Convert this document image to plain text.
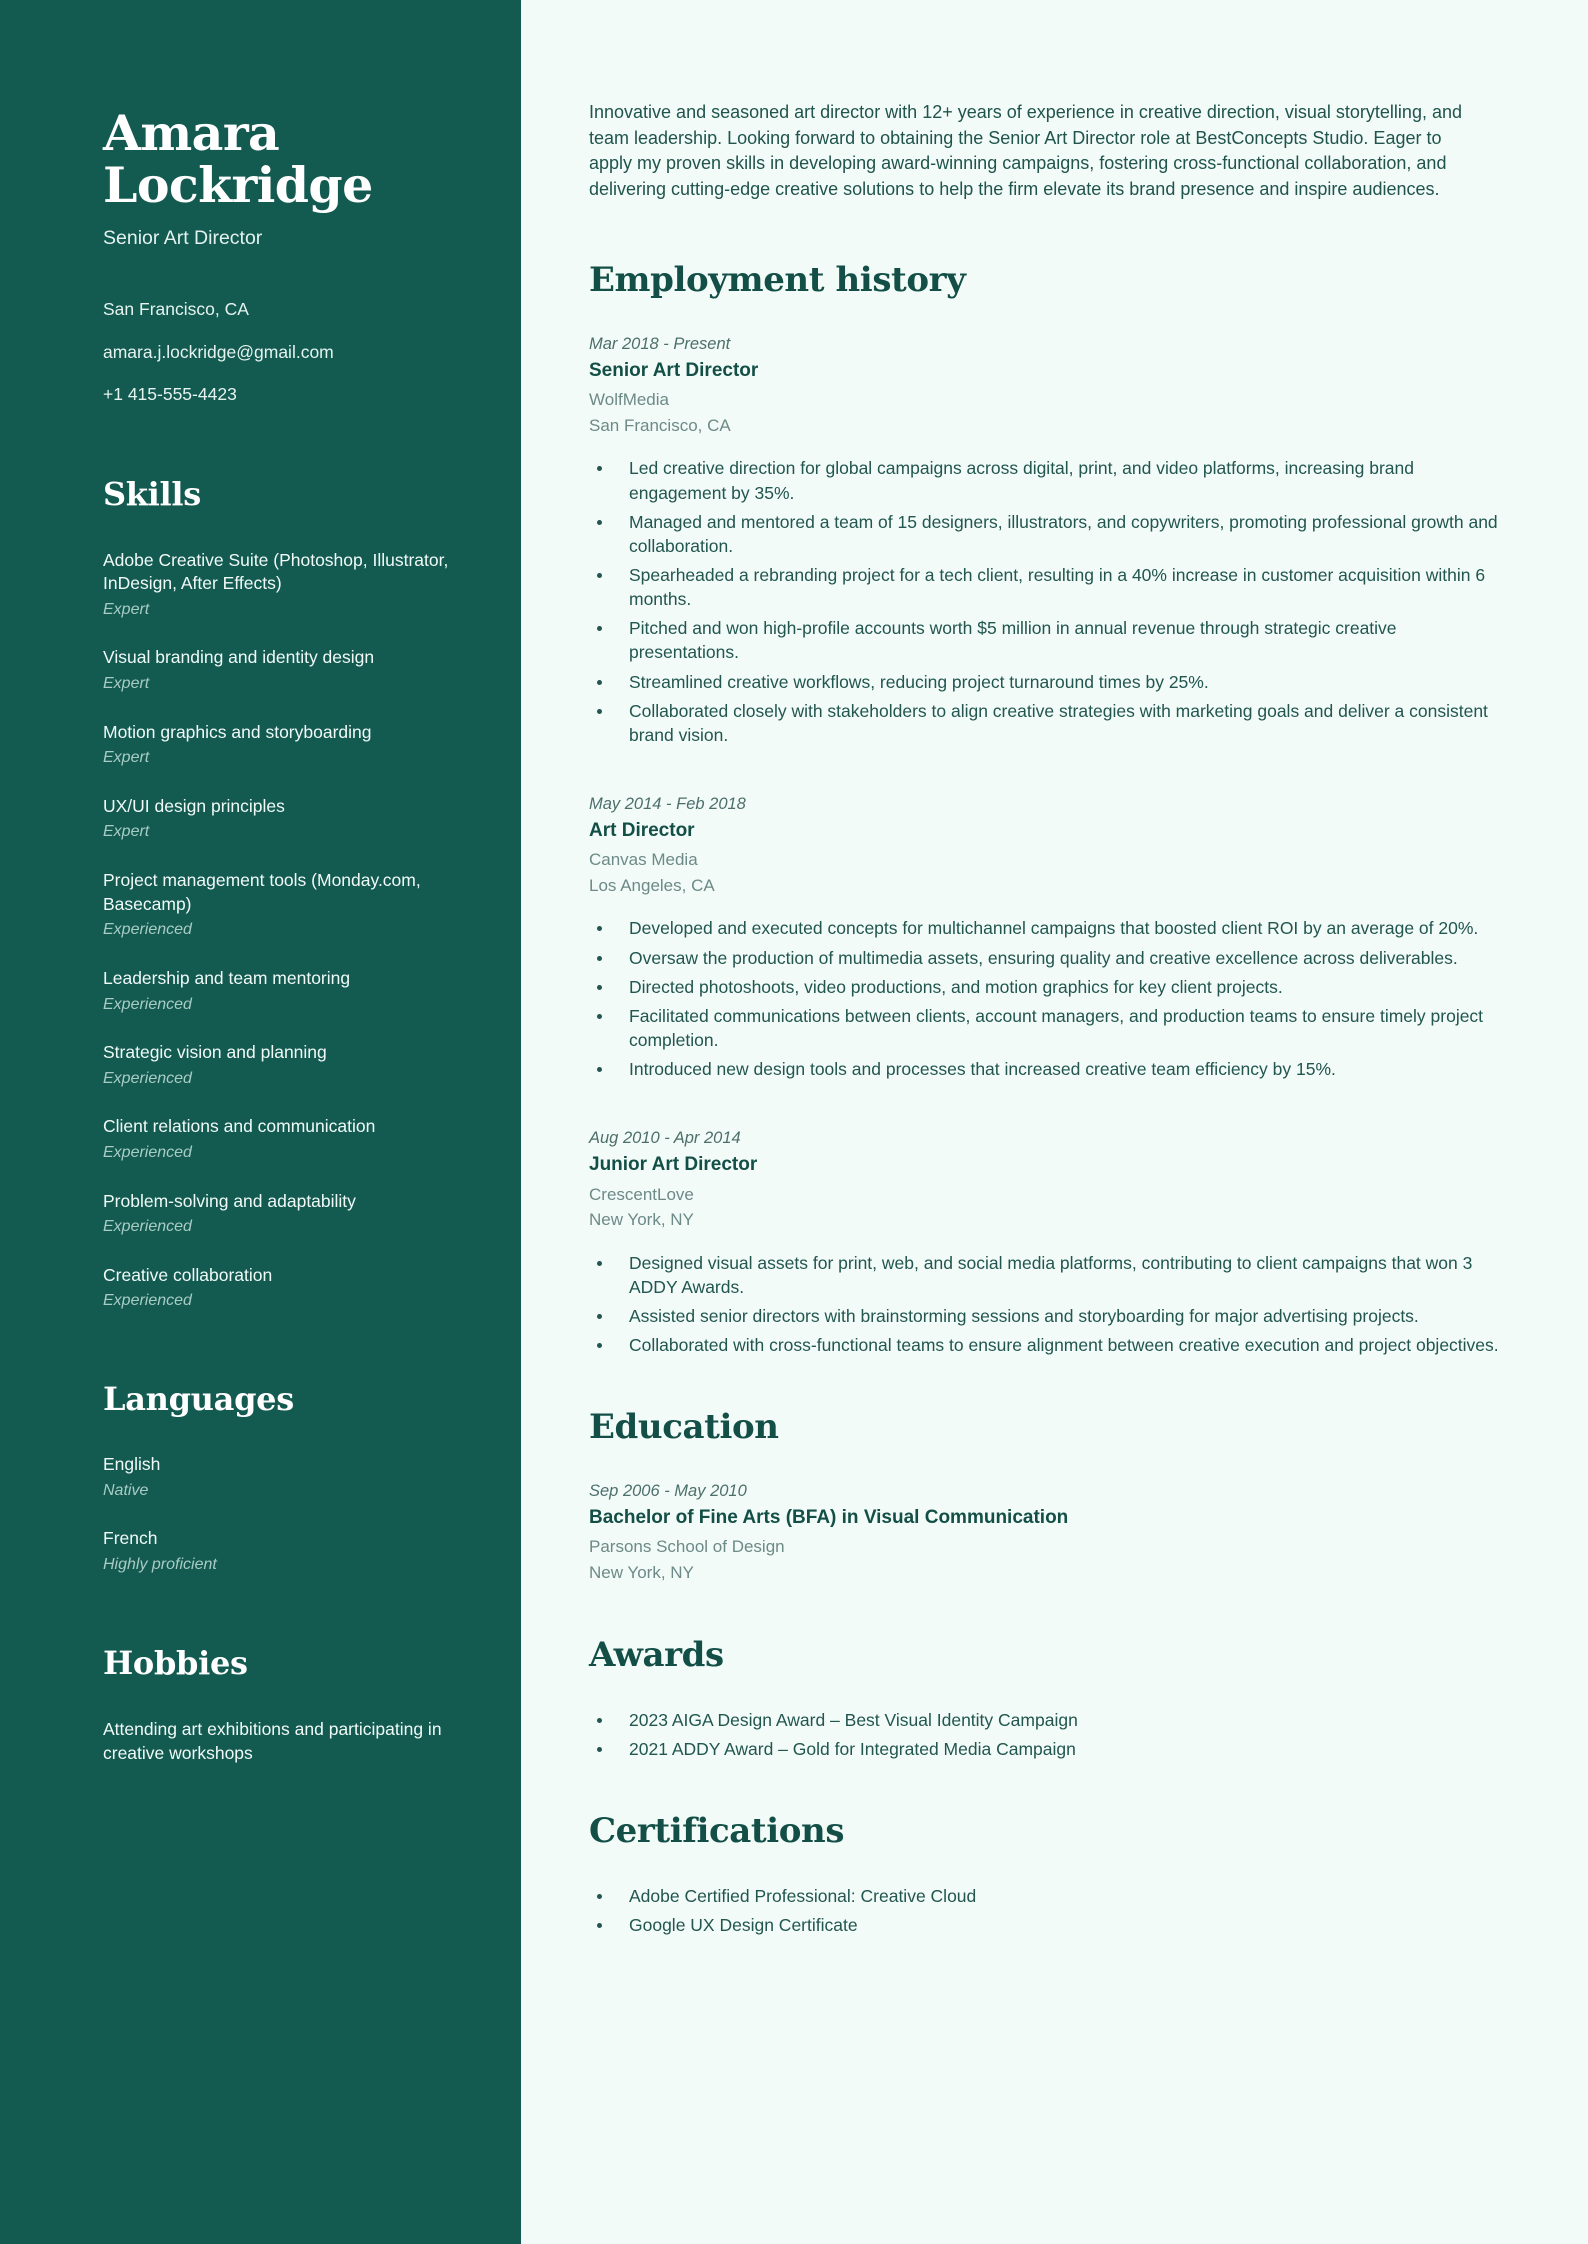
Amara Lockridge
Senior Art Director
San Francisco, CA
amara.j.lockridge@gmail.com
+1 415-555-4423
Skills
Adobe Creative Suite (Photoshop, Illustrator, InDesign, After Effects)
Expert
Visual branding and identity design
Expert
Motion graphics and storyboarding
Expert
UX/UI design principles
Expert
Project management tools (Monday.com, Basecamp)
Experienced
Leadership and team mentoring
Experienced
Strategic vision and planning
Experienced
Client relations and communication
Experienced
Problem-solving and adaptability
Experienced
Creative collaboration
Experienced
Languages
English
Native
French
Highly proficient
Hobbies
Attending art exhibitions and participating in creative workshops

Innovative and seasoned art director with 12+ years of experience in creative direction, visual storytelling, and team leadership. Looking forward to obtaining the Senior Art Director role at BestConcepts Studio. Eager to apply my proven skills in developing award-winning campaigns, fostering cross-functional collaboration, and delivering cutting-edge creative solutions to help the firm elevate its brand presence and inspire audiences.

Employment history
Mar 2018 - Present
Senior Art Director
WolfMedia
San Francisco, CA
Led creative direction for global campaigns across digital, print, and video platforms, increasing brand engagement by 35%.
Managed and mentored a team of 15 designers, illustrators, and copywriters, promoting professional growth and collaboration.
Spearheaded a rebranding project for a tech client, resulting in a 40% increase in customer acquisition within 6 months.
Pitched and won high-profile accounts worth $5 million in annual revenue through strategic creative presentations.
Streamlined creative workflows, reducing project turnaround times by 25%.
Collaborated closely with stakeholders to align creative strategies with marketing goals and deliver a consistent brand vision.
May 2014 - Feb 2018
Art Director
Canvas Media
Los Angeles, CA
Developed and executed concepts for multichannel campaigns that boosted client ROI by an average of 20%.
Oversaw the production of multimedia assets, ensuring quality and creative excellence across deliverables.
Directed photoshoots, video productions, and motion graphics for key client projects.
Facilitated communications between clients, account managers, and production teams to ensure timely project completion.
Introduced new design tools and processes that increased creative team efficiency by 15%.
Aug 2010 - Apr 2014
Junior Art Director
CrescentLove
New York, NY
Designed visual assets for print, web, and social media platforms, contributing to client campaigns that won 3 ADDY Awards.
Assisted senior directors with brainstorming sessions and storyboarding for major advertising projects.
Collaborated with cross-functional teams to ensure alignment between creative execution and project objectives.
Education
Sep 2006 - May 2010
Bachelor of Fine Arts (BFA) in Visual Communication
Parsons School of Design
New York, NY
Awards
2023 AIGA Design Award – Best Visual Identity Campaign
2021 ADDY Award – Gold for Integrated Media Campaign
Certifications
Adobe Certified Professional: Creative Cloud
Google UX Design Certificate
